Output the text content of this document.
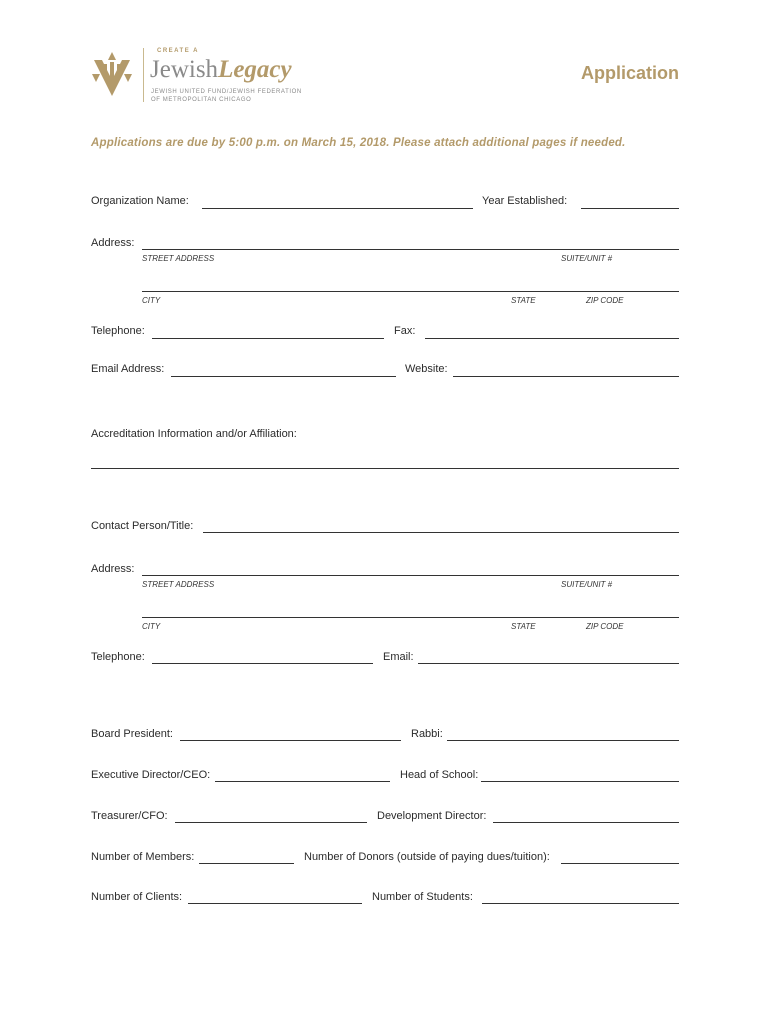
CREATE A
JewishLegacy
JEWISH UNITED FUND/JEWISH FEDERATION
OF METROPOLITAN CHICAGO
Application
Applications are due by 5:00 p.m. on March 15, 2018. Please attach additional pages if needed.
Organization Name:	Year Established:
Address:
STREET ADDRESS	SUITE/UNIT #
CITY	STATE	ZIP CODE
Telephone:	Fax:
Email Address:	Website:
Accreditation Information and/or Affiliation:
Contact Person/Title:
Address:
STREET ADDRESS	SUITE/UNIT #
CITY	STATE	ZIP CODE
Telephone:	Email:
Board President:	Rabbi:
Executive Director/CEO:	Head of School:
Treasurer/CFO:	Development Director:
Number of Members:	Number of Donors (outside of paying dues/tuition):
Number of Clients:	Number of Students:
